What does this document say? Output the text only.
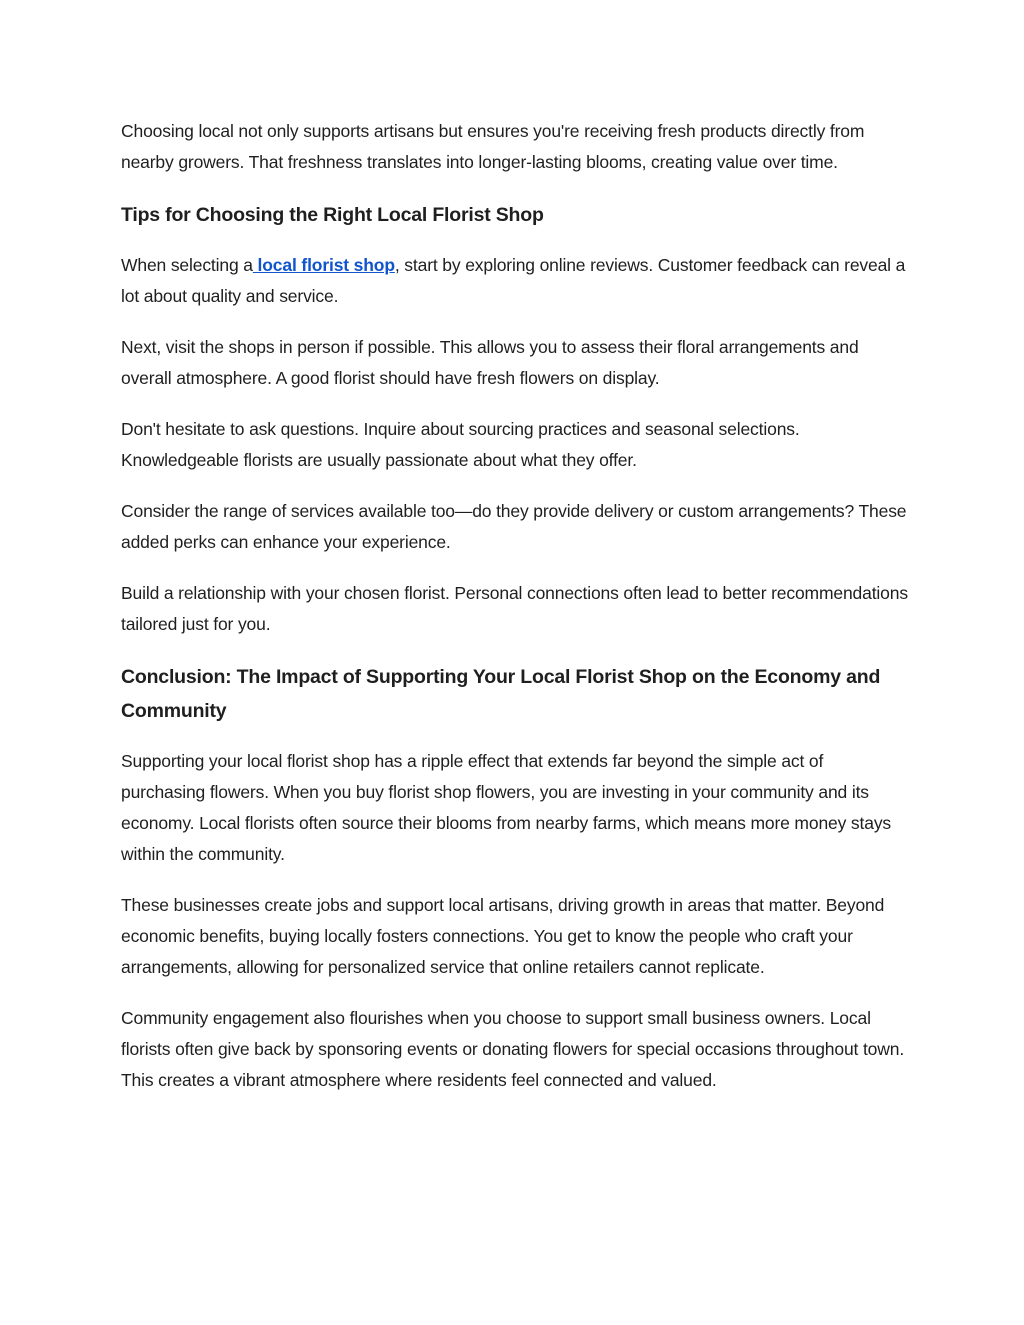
Choosing local not only supports artisans but ensures you're receiving fresh products directly from nearby growers. That freshness translates into longer-lasting blooms, creating value over time.

Tips for Choosing the Right Local Florist Shop

When selecting a local florist shop, start by exploring online reviews. Customer feedback can reveal a lot about quality and service.

Next, visit the shops in person if possible. This allows you to assess their floral arrangements and overall atmosphere. A good florist should have fresh flowers on display.

Don't hesitate to ask questions. Inquire about sourcing practices and seasonal selections. Knowledgeable florists are usually passionate about what they offer.

Consider the range of services available too—do they provide delivery or custom arrangements? These added perks can enhance your experience.

Build a relationship with your chosen florist. Personal connections often lead to better recommendations tailored just for you.

Conclusion: The Impact of Supporting Your Local Florist Shop on the Economy and Community

Supporting your local florist shop has a ripple effect that extends far beyond the simple act of purchasing flowers. When you buy florist shop flowers, you are investing in your community and its economy. Local florists often source their blooms from nearby farms, which means more money stays within the community.

These businesses create jobs and support local artisans, driving growth in areas that matter. Beyond economic benefits, buying locally fosters connections. You get to know the people who craft your arrangements, allowing for personalized service that online retailers cannot replicate.

Community engagement also flourishes when you choose to support small business owners. Local florists often give back by sponsoring events or donating flowers for special occasions throughout town. This creates a vibrant atmosphere where residents feel connected and valued.
